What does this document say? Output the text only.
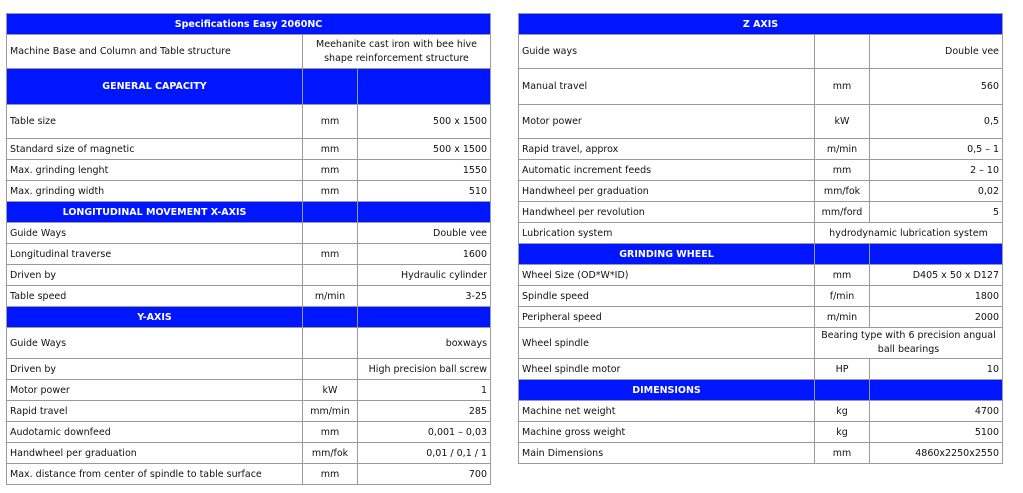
Specifications Easy 2060NC		
Machine Base and Column and Table structure	Meehanite cast iron with bee hive shape reinforcement structure	
GENERAL CAPACITY		
Table size	mm	500 x 1500
Standard size of magnetic	mm	500 x 1500
Max. grinding lenght	mm	1550
Max. grinding width	mm	510
LONGITUDINAL MOVEMENT X-AXIS		
Guide Ways		Double vee
Longitudinal traverse	mm	1600
Driven by		Hydraulic cylinder
Table speed	m/min	3-25
Y-AXIS		
Guide Ways		boxways
Driven by		High precision ball screw
Motor power	kW	1
Rapid travel	mm/min	285
Audotamic downfeed	mm	0,001 – 0,03
Handwheel per graduation	mm/fok	0,01 / 0,1 / 1
Max. distance from center of spindle to table surface	mm	700
Z AXIS		
Guide ways		Double vee
Manual travel	mm	560
Motor power	kW	0,5
Rapid travel, approx	m/min	0,5 – 1
Automatic increment feeds	mm	2 – 10
Handwheel per graduation	mm/fok	0,02
Handwheel per revolution	mm/ford	5
Lubrication system	hydrodynamic lubrication system	
GRINDING WHEEL		
Wheel Size (OD*W*ID)	mm	D405 x 50 x D127
Spindle speed	f/min	1800
Peripheral speed	m/min	2000
Wheel spindle	Bearing type with 6 precision angual ball bearings	
Wheel spindle motor	HP	10
DIMENSIONS		
Machine net weight	kg	4700
Machine gross weight	kg	5100
Main Dimensions	mm	4860x2250x2550
